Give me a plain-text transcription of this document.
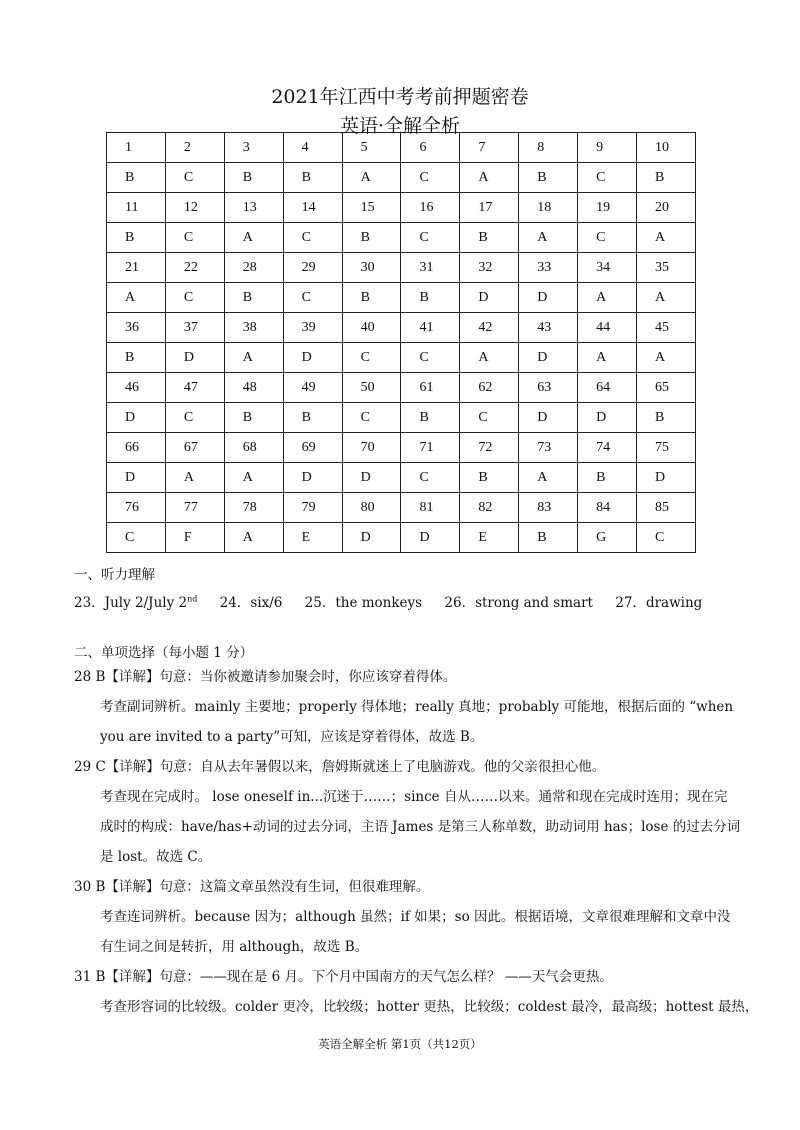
2021年江西中考考前押题密卷
英语·全解全析
1	2	3	4	5	6	7	8	9	10
B	C	B	B	A	C	A	B	C	B
11	12	13	14	15	16	17	18	19	20
B	C	A	C	B	C	B	A	C	A
21	22	28	29	30	31	32	33	34	35
A	C	B	C	B	B	D	D	A	A
36	37	38	39	40	41	42	43	44	45
B	D	A	D	C	C	A	D	A	A
46	47	48	49	50	61	62	63	64	65
D	C	B	B	C	B	C	D	D	B
66	67	68	69	70	71	72	73	74	75
D	A	A	D	D	C	B	A	B	D
76	77	78	79	80	81	82	83	84	85
C	F	A	E	D	D	E	B	G	C
一、听力理解
23．July 2/July 2nd 24．six/6 25．the monkeys 26．strong and smart 27．drawing
二、单项选择（每小题 1 分）
28 B【详解】句意：当你被邀请参加聚会时，你应该穿着得体。
考查副词辨析。mainly 主要地；properly 得体地；really 真地；probably 可能地，根据后面的 “when
you are invited to a party”可知，应该是穿着得体，故选 B。
29 C【详解】句意：自从去年暑假以来，詹姆斯就迷上了电脑游戏。他的父亲很担心他。
考查现在完成时。 lose oneself in...沉迷于……；since 自从……以来。通常和现在完成时连用；现在完
成时的构成：have/has+动词的过去分词，主语 James 是第三人称单数，助动词用 has；lose 的过去分词
是 lost。故选 C。
30 B【详解】句意：这篇文章虽然没有生词，但很难理解。
考查连词辨析。because 因为；although 虽然；if 如果；so 因此。根据语境，文章很难理解和文章中没
有生词之间是转折，用 although，故选 B。
31 B【详解】句意：——现在是 6 月。下个月中国南方的天气怎么样？ ——天气会更热。
考查形容词的比较级。colder 更冷，比较级；hotter 更热，比较级；coldest 最冷，最高级；hottest 最热，
英语全解全析 第1页（共12页）
